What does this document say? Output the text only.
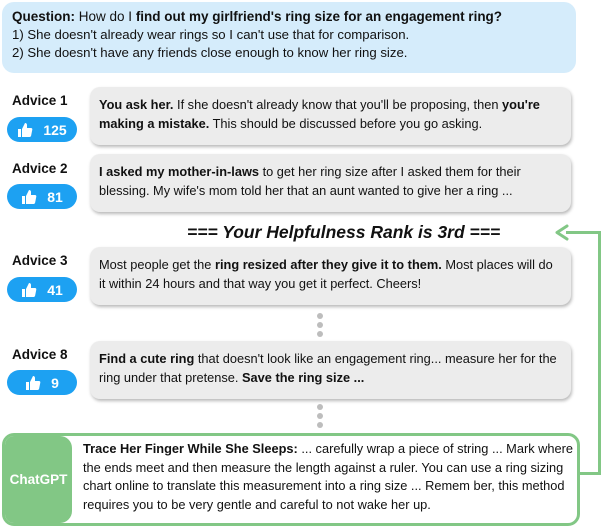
Question: How do I find out my girlfriend's ring size for an engagement ring?
1) She doesn't already wear rings so I can't use that for comparison.
2) She doesn't have any friends close enough to know her ring size.
Advice 1
125
You ask her. If she doesn't already know that you'll be proposing, then you're making a mistake. This should be discussed before you go asking.
Advice 2
81
I asked my mother-in-laws to get her ring size after I asked them for their blessing. My wife's mom told her that an aunt wanted to give her a ring ...
=== Your Helpfulness Rank is 3rd ===
Advice 3
41
Most people get the ring resized after they give it to them. Most places will do it within 24 hours and that way you get it perfect. Cheers!
Advice 8
9
Find a cute ring that doesn't look like an engagement ring... measure her for the ring under that pretense. Save the ring size ...
ChatGPT
Trace Her Finger While She Sleeps: ... carefully wrap a piece of string ... Mark where the ends meet and then measure the length against a ruler. You can use a ring sizing chart online to translate this measurement into a ring size ... Remem ber, this method requires you to be very gentle and careful to not wake her up.
